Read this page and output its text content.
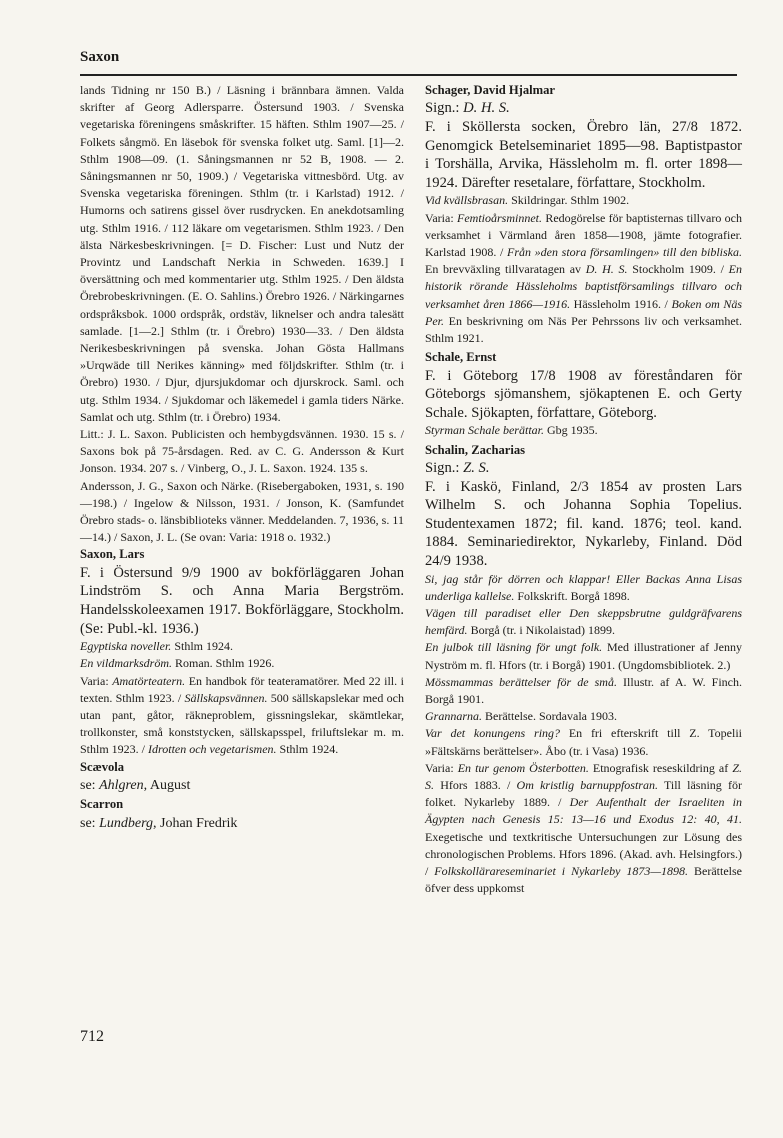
Saxon
lands Tidning nr 150 B.) / Läsning i brännbara ämnen. Valda skrifter af Georg Adlersparre. Östersund 1903. / Svenska vegetariska föreningens småskrifter. 15 häften. Sthlm 1907—25. / Folkets sångmö. En läsebok för svenska folket utg. Saml. [1]—2. Sthlm 1908—09. (1. Såningsmannen nr 52 B, 1908. — 2. Såningsmannen nr 50, 1909.) / Vegetariska vittnesbörd. Utg. av Svenska vegetariska föreningen. Sthlm (tr. i Karlstad) 1912. / Humorns och satirens gissel över rusdrycken. En anekdotsamling utg. Sthlm 1916. / 112 läkare om vegetarismen. Sthlm 1923. / Den älsta Närkesbeskrivningen. [= D. Fischer: Lust und Nutz der Provintz und Landschaft Nerkia in Schweden. 1639.] I översättning och med kommentarier utg. Sthlm 1925. / Den äldsta Örebrobeskrivningen. (E. O. Sahlins.) Örebro 1926. / Närkingarnes ordspråksbok. 1000 ordspråk, ordstäv, liknelser och andra talesätt samlade. [1—2.] Sthlm (tr. i Örebro) 1930—33. / Den äldsta Nerikesbeskrivningen på svenska. Johan Gösta Hallmans »Urqwäde till Nerikes känning» med följdskrifter. Sthlm (tr. i Örebro) 1930. / Djur, djursjukdomar och djurskrock. Saml. och utg. Sthlm 1934. / Sjukdomar och läkemedel i gamla tiders Närke. Samlat och utg. Sthlm (tr. i Örebro) 1934.
Litt.: J. L. Saxon. Publicisten och hembygdsvännen. 1930. 15 s. / Saxons bok på 75-årsdagen. Red. av C. G. Andersson & Kurt Jonson. 1934. 207 s. / Vinberg, O., J. L. Saxon. 1924. 135 s.
Andersson, J. G., Saxon och Närke. (Risebergaboken, 1931, s. 190—198.) / Ingelow & Nilsson, 1931. / Jonson, K. (Samfundet Örebro stads- o. länsbiblioteks vänner. Meddelanden. 7, 1936, s. 11—14.) / Saxon, J. L. (Se ovan: Varia: 1918 o. 1932.)
Saxon, Lars
F. i Östersund 9/9 1900 av bokförläggaren Johan Lindström S. och Anna Maria Bergström. Handelsskoleexamen 1917. Bokförläggare, Stockholm. (Se: Publ.-kl. 1936.)
Egyptiska noveller. Sthlm 1924.
En vildmarksdröm. Roman. Sthlm 1926.
Varia: Amatörteatern. En handbok för teateramatörer. Med 22 ill. i texten. Sthlm 1923. / Sällskapsvännen. 500 sällskapslekar med och utan pant, gåtor, räkneproblem, gissningslekar, skämtlekar, trollkonster, små konststycken, sällskapsspel, friluftslekar m. m. Sthlm 1923. / Idrotten och vegetarismen. Sthlm 1924.
Scævola
se: Ahlgren, August
Scarron
se: Lundberg, Johan Fredrik
Schager, David Hjalmar
Sign.: D. H. S.
F. i Sköllersta socken, Örebro län, 27/8 1872. Genomgick Betelseminariet 1895—98. Baptistpastor i Torshälla, Arvika, Hässleholm m. fl. orter 1898—1924. Därefter resetalare, författare, Stockholm.
Vid kvällsbrasan. Skildringar. Sthlm 1902.
Varia: Femtioårsminnet. Redogörelse för baptisternas tillvaro och verksamhet i Värmland åren 1858—1908, jämte fotografier. Karlstad 1908. / Från »den stora församlingen» till den bibliska. En brevväxling tillvaratagen av D. H. S. Stockholm 1909. / En historik rörande Hässleholms baptistförsamlings tillvaro och verksamhet åren 1866—1916. Hässleholm 1916. / Boken om Näs Per. En beskrivning om Näs Per Pehrssons liv och verksamhet. Sthlm 1921.
Schale, Ernst
F. i Göteborg 17/8 1908 av föreståndaren för Göteborgs sjömanshem, sjökaptenen E. och Gerty Schale. Sjökapten, författare, Göteborg.
Styrman Schale berättar. Gbg 1935.
Schalin, Zacharias
Sign.: Z. S.
F. i Kaskö, Finland, 2/3 1854 av prosten Lars Wilhelm S. och Johanna Sophia Topelius. Studentexamen 1872; fil. kand. 1876; teol. kand. 1884. Seminariedirektor, Nykarleby, Finland. Död 24/9 1938.
Si, jag står för dörren och klappar! Eller Backas Anna Lisas underliga kallelse. Folkskrift. Borgå 1898.
Vägen till paradiset eller Den skeppsbrutne guldgräfvarens hemfärd. Borgå (tr. i Nikolaistad) 1899.
En julbok till läsning för ungt folk. Med illustrationer af Jenny Nyström m. fl. Hfors (tr. i Borgå) 1901. (Ungdomsbibliotek. 2.)
Mössmammas berättelser för de små. Illustr. af A. W. Finch. Borgå 1901.
Grannarna. Berättelse. Sordavala 1903.
Var det konungens ring? En fri efterskrift till Z. Topelii »Fältskärns berättelser». Åbo (tr. i Vasa) 1936.
Varia: En tur genom Österbotten. Etnografisk reseskildring af Z. S. Hfors 1883. / Om kristlig barnuppfostran. Till läsning för folket. Nykarleby 1889. / Der Aufenthalt der Israeliten in Ägypten nach Genesis 15: 13—16 und Exodus 12: 40, 41. Exegetische und textkritische Untersuchungen zur Lösung des chronologischen Problems. Hfors 1896. (Akad. avh. Helsingfors.) / Folkskollärareseminariet i Nykarleby 1873—1898. Berättelse öfver dess uppkomst
712
